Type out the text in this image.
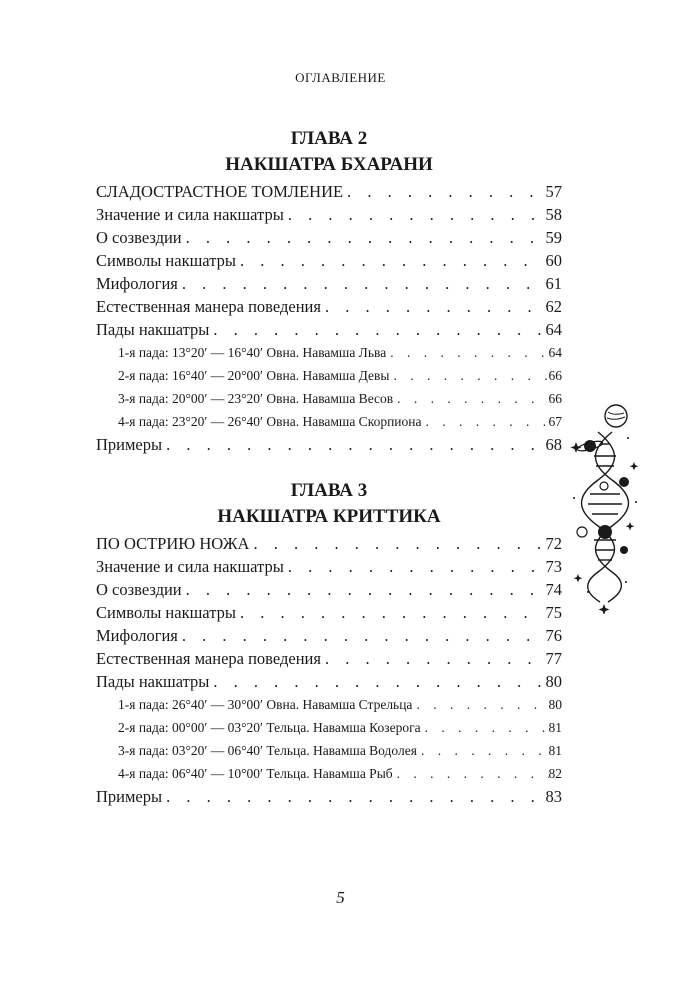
ОГЛАВЛЕНИЕ
ГЛАВА 2
НАКШАТРА БХАРАНИ
СЛАДОСТРАСТНОЕ ТОМЛЕНИЕ . . .	57
Значение и сила накшатры . . .	58
О созвездии . . .	59
Символы накшатры . . .	60
Мифология . . .	61
Естественная манера поведения . . .	62
Пады накшатры . . .	64
1-я пада: 13°20′ — 16°40′ Овна. Навамша Льва . . .	64
2-я пада: 16°40′ — 20°00′ Овна. Навамша Девы . . .	66
3-я пада: 20°00′ — 23°20′ Овна. Навамша Весов . . .	66
4-я пада: 23°20′ — 26°40′ Овна. Навамша Скорпиона . . .	67
Примеры . . .	68
ГЛАВА 3
НАКШАТРА КРИТТИКА
ПО ОСТРИЮ НОЖА . . .	72
Значение и сила накшатры . . .	73
О созвездии . . .	74
Символы накшатры . . .	75
Мифология . . .	76
Естественная манера поведения . . .	77
Пады накшатры . . .	80
1-я пада: 26°40′ — 30°00′ Овна. Навамша Стрельца . . .	80
2-я пада: 00°00′ — 03°20′ Тельца. Навамша Козерога . . .	81
3-я пада: 03°20′ — 06°40′ Тельца. Навамша Водолея . . .	81
4-я пада: 06°40′ — 10°00′ Тельца. Навамша Рыб . . .	82
Примеры . . .	83
5
